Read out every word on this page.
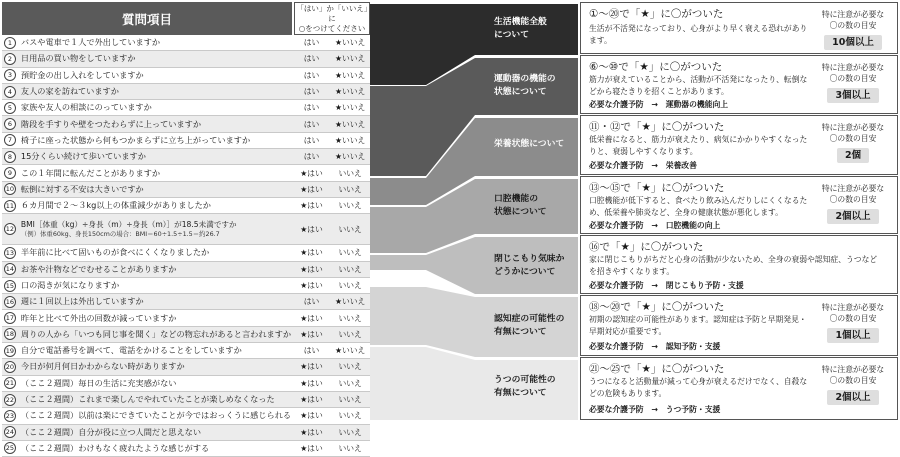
質問項目
「はい」か「いいえ」に
○をつけてください
1	バスや電車で１人で外出していますか	はい	★いいえ
2	日用品の買い物をしていますか	はい	★いいえ
3	預貯金の出し入れをしていますか	はい	★いいえ
4	友人の家を訪ねていますか	はい	★いいえ
5	家族や友人の相談にのっていますか	はい	★いいえ
6	階段を手すりや壁をつたわらずに上っていますか	はい	★いいえ
7	椅子に座った状態から何もつかまらずに立ち上がっていますか	はい	★いいえ
8	15分くらい続けて歩いていますか	はい	★いいえ
9	この１年間に転んだことがありますか	★はい	いいえ
10 転倒に対する不安は大きいですか	★はい	いいえ
11 ６カ月間で２～３kg以上の体重減少がありましたか	★はい	いいえ
12
BMI［体重（kg）÷身長（m）÷身長（m）］が18.5未満ですか
（例）体重60kg、身長150cmの場合：BMI＝60÷1.5÷1.5＝約26.7	★はい	いいえ
13 半年前に比べて固いものが食べにくくなりましたか	★はい	いいえ
14 お茶や汁物などでむせることがありますか	★はい	いいえ
15 口の渇きが気になりますか	★はい	いいえ
16 週に１回以上は外出していますか	はい	★いいえ
17 昨年と比べて外出の回数が減っていますか	★はい	いいえ
18 周りの人から「いつも同じ事を聞く」などの物忘れがあると言われますか	★はい	いいえ
19 自分で電話番号を調べて、電話をかけることをしていますか	はい	★いいえ
20 今日が何月何日かわからない時がありますか	★はい	いいえ
21 （ここ２週間）毎日の生活に充実感がない	★はい	いいえ
22 （ここ２週間）これまで楽しんでやれていたことが楽しめなくなった	★はい	いいえ
23 （ここ２週間）以前は楽にできていたことが今ではおっくうに感じられる	★はい	いいえ
24 （ここ２週間）自分が役に立つ人間だと思えない	★はい	いいえ
25 （ここ２週間）わけもなく疲れたような感じがする	★はい	いいえ
生活機能全般
について
運動器の機能の
状態について
栄養状態について
口腔機能の
状態について
閉じこもり気味か
どうかについて
認知症の可能性の
有無について
うつの可能性の
有無について
①～⑳で「★」に〇がついた
生活が不活発になっており、心身がより早く衰える恐れがあります。
特に注意が必要な
〇の数の目安
10個以上
⑥～⑩で「★」に〇がついた
筋力が衰えていることから、活動が不活発になったり、転倒などから寝たきりを招くことがあります。
必要な介護予防　→　運動器の機能向上
特に注意が必要な
〇の数の目安
3個以上
⑪・⑫で「★」に〇がついた
低栄養になると、筋力が衰えたり、病気にかかりやすくなったりと、衰弱しやすくなります。
必要な介護予防　→　栄養改善
特に注意が必要な
〇の数の目安
2個
⑬～⑮で「★」に〇がついた
口腔機能が低下すると、食べたり飲み込んだりしにくくなるため、低栄養や肺炎など、全身の健康状態が悪化します。
必要な介護予防　→　口腔機能の向上
特に注意が必要な
〇の数の目安
2個以上
⑯で「★」に〇がついた
家に閉じこもりがちだと心身の活動が少ないため、全身の衰弱や認知症、うつなどを招きやすくなります。
必要な介護予防　→　閉じこもり予防・支援
⑱～⑳で「★」に〇がついた
初期の認知症の可能性があります。認知症は予防と早期発見・早期対応が重要です。
必要な介護予防　→　認知予防・支援
特に注意が必要な
〇の数の目安
1個以上
㉑～㉕で「★」に〇がついた
うつになると活動量が減って心身が衰えるだけでなく、自殺などの危険もあります。
必要な介護予防　→　うつ予防・支援
特に注意が必要な
〇の数の目安
2個以上
